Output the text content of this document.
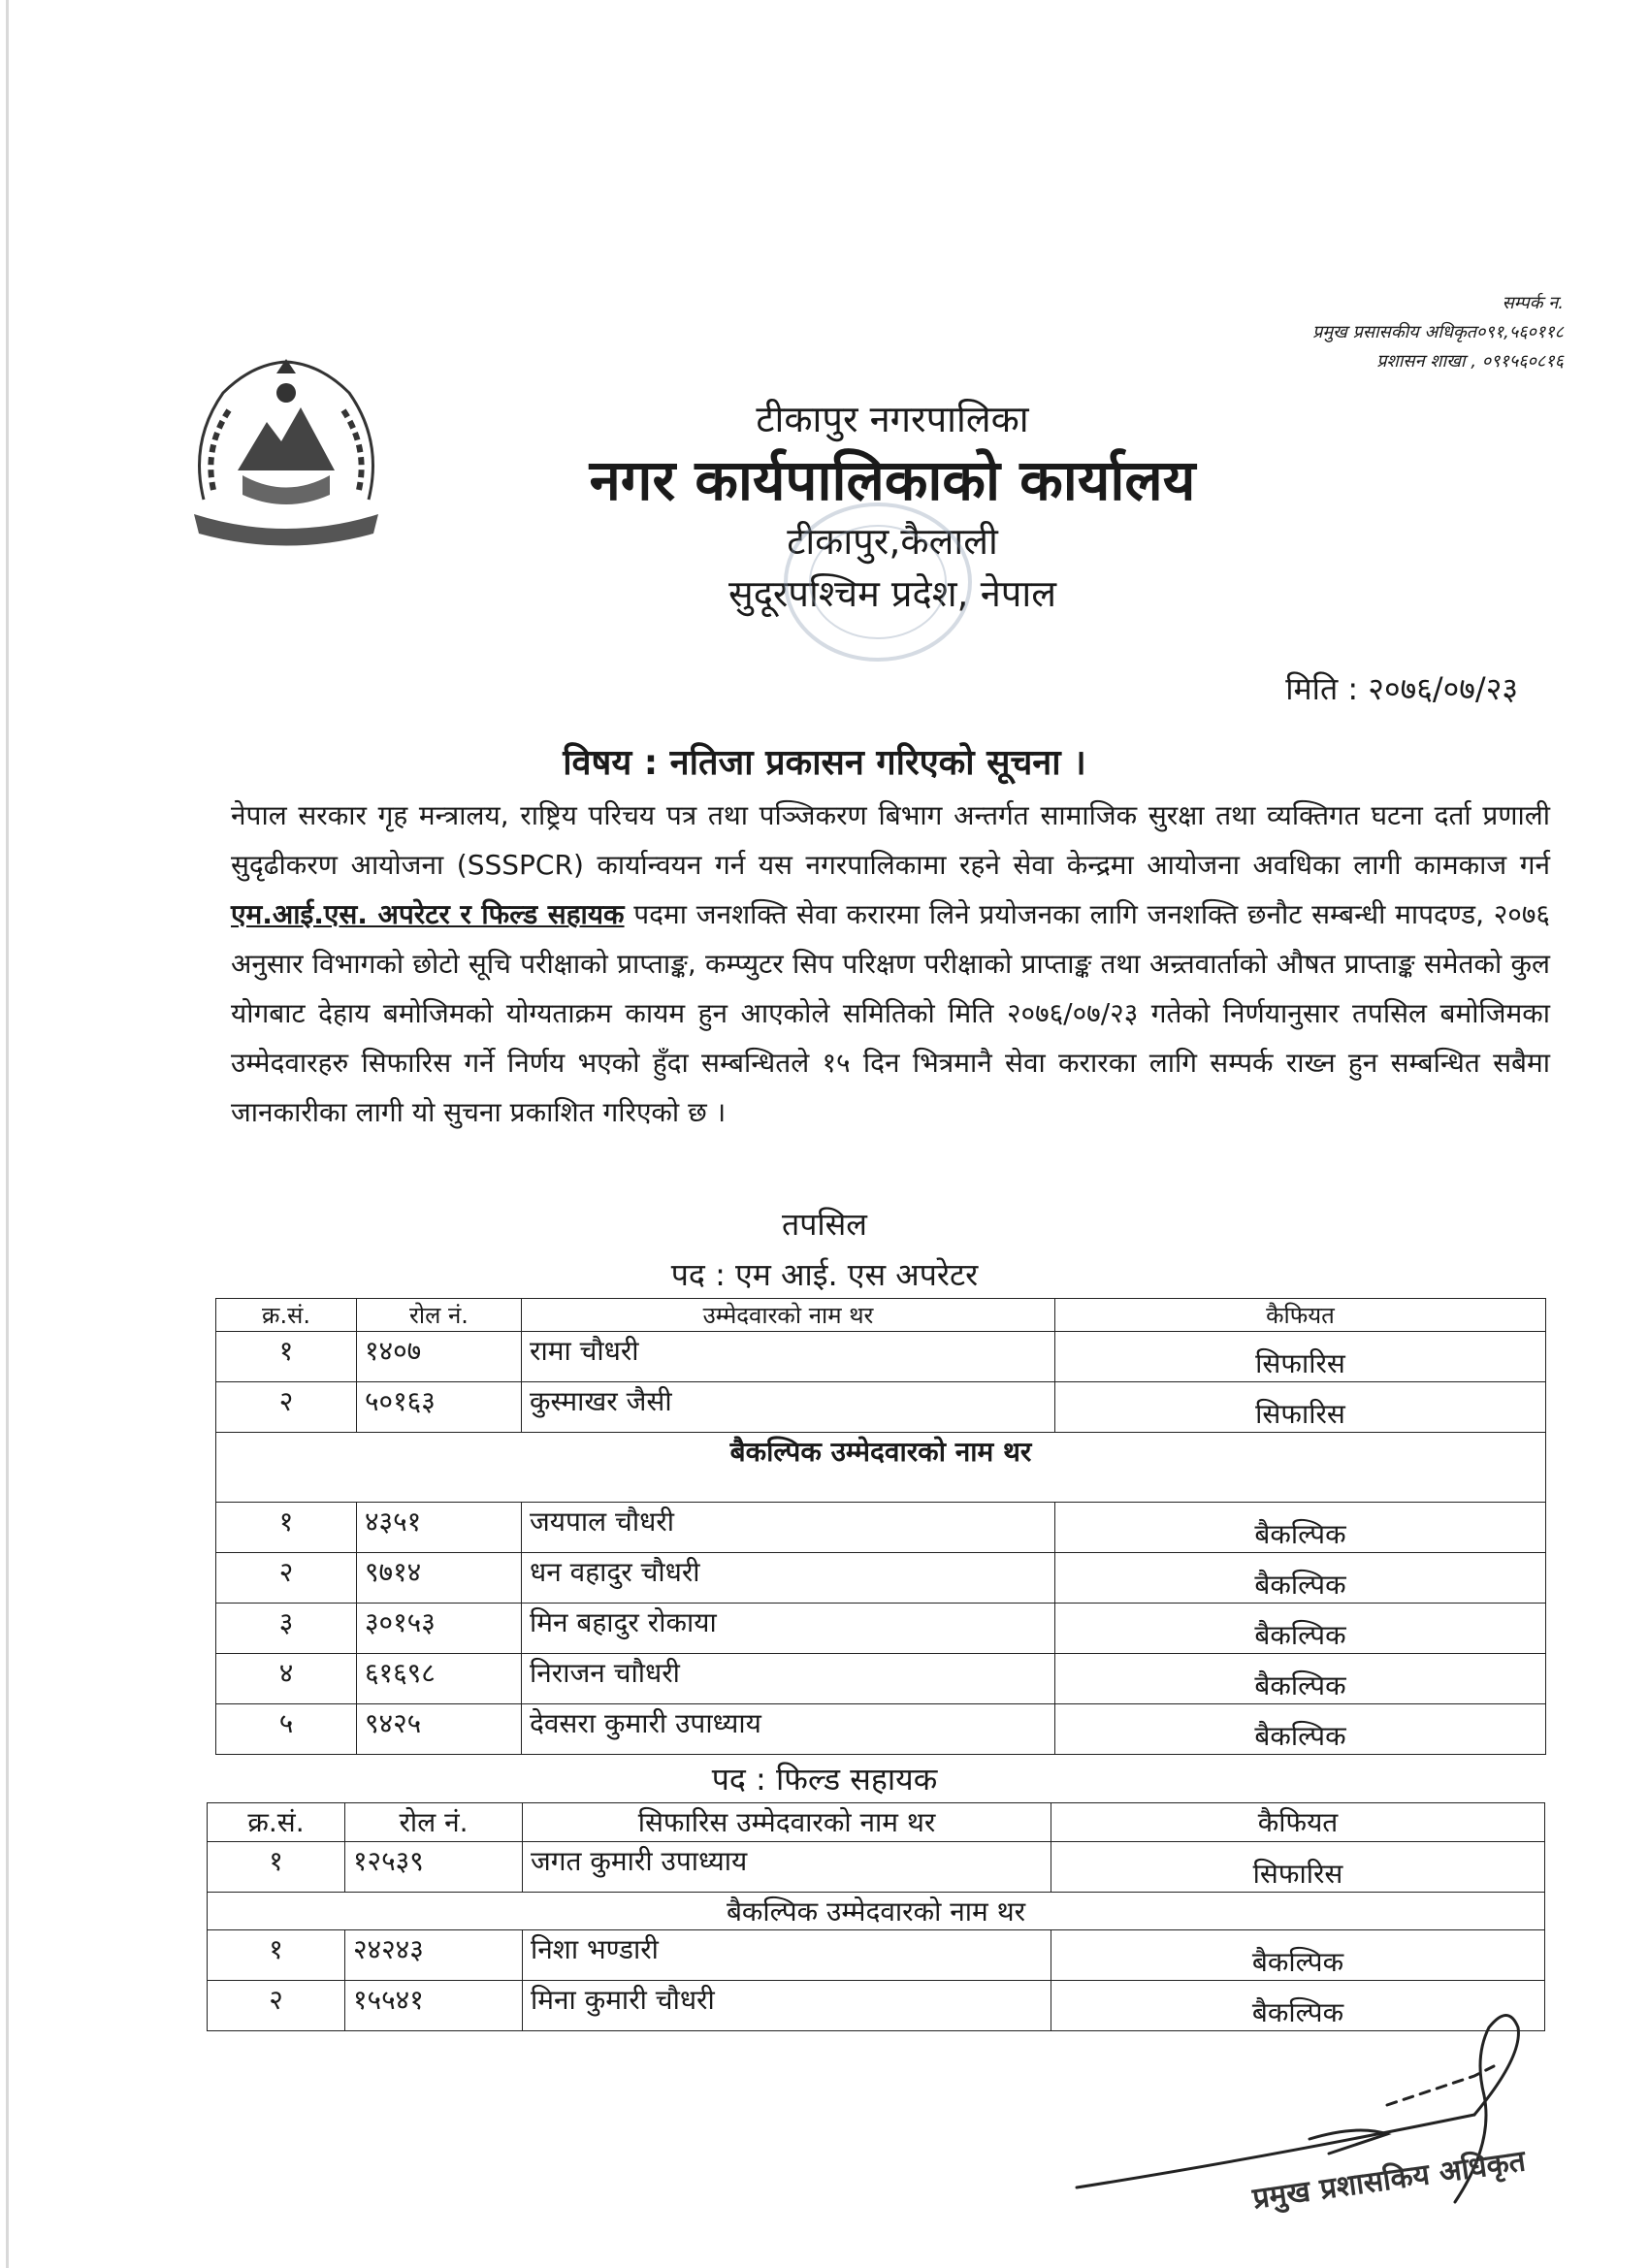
सम्पर्क न.
प्रमुख प्रसासकीय अधिकृत०९१,५६०११८
प्रशासन शाखा , ०९१५६०८१६
टीकापुर नगरपालिका
नगर कार्यपालिकाको कार्यालय
टीकापुर,कैलाली
सुदूरपश्चिम प्रदेश, नेपाल
मिति : २०७६/०७/२३
विषय : नतिजा प्रकासन गरिएको सूचना ।
नेपाल सरकार गृह मन्त्रालय, राष्ट्रिय परिचय पत्र तथा पञ्जिकरण बिभाग अन्तर्गत सामाजिक सुरक्षा तथा व्यक्तिगत घटना दर्ता प्रणाली सुदृढीकरण आयोजना (SSSPCR) कार्यान्वयन गर्न यस नगरपालिकामा रहने सेवा केन्द्रमा आयोजना अवधिका लागी कामकाज गर्न एम.आई.एस. अपरेटर र फिल्ड सहायक पदमा जनशक्ति सेवा करारमा लिने प्रयोजनका लागि जनशक्ति छनौट सम्बन्धी मापदण्ड, २०७६ अनुसार विभागको छोटो सूचि परीक्षाको प्राप्ताङ्क, कम्प्युटर सिप परिक्षण परीक्षाको प्राप्ताङ्क तथा अन्र्तवार्ताको औषत प्राप्ताङ्क समेतको कुल योगबाट देहाय बमोजिमको योग्यताक्रम कायम हुन आएकोले समितिको मिति २०७६/०७/२३ गतेको निर्णयानुसार तपसिल बमोजिमका उम्मेदवारहरु सिफारिस गर्ने निर्णय भएको हुँदा सम्बन्धितले १५ दिन भित्रमानै सेवा करारका लागि सम्पर्क राख्न हुन सम्बन्धित सबैमा जानकारीका लागी यो सुचना प्रकाशित गरिएको छ ।
तपसिल
पद : एम आई. एस अपरेटर
क्र.सं.	रोल नं.	उम्मेदवारको नाम थर	कैफियत
१	१४०७	रामा चौधरी	सिफारिस
२	५०१६३	कुस्माखर जैसी	सिफारिस
बैकल्पिक उम्मेदवारको नाम थर			
१	४३५१	जयपाल चौधरी	बैकल्पिक
२	९७१४	धन वहादुर चौधरी	बैकल्पिक
३	३०१५३	मिन बहादुर रोकाया	बैकल्पिक
४	६१६९८	निराजन चाौधरी	बैकल्पिक
५	९४२५	देवसरा कुमारी उपाध्याय	बैकल्पिक
पद : फिल्ड सहायक
क्र.सं.	रोल नं.	सिफारिस उम्मेदवारको नाम थर	कैफियत
१	१२५३९	जगत कुमारी उपाध्याय	सिफारिस
बैकल्पिक उम्मेदवारको नाम थर			
१	२४२४३	निशा भण्डारी	बैकल्पिक
२	१५५४१	मिना कुमारी चौधरी	बैकल्पिक
प्रमुख प्रशासकिय अधिकृत
